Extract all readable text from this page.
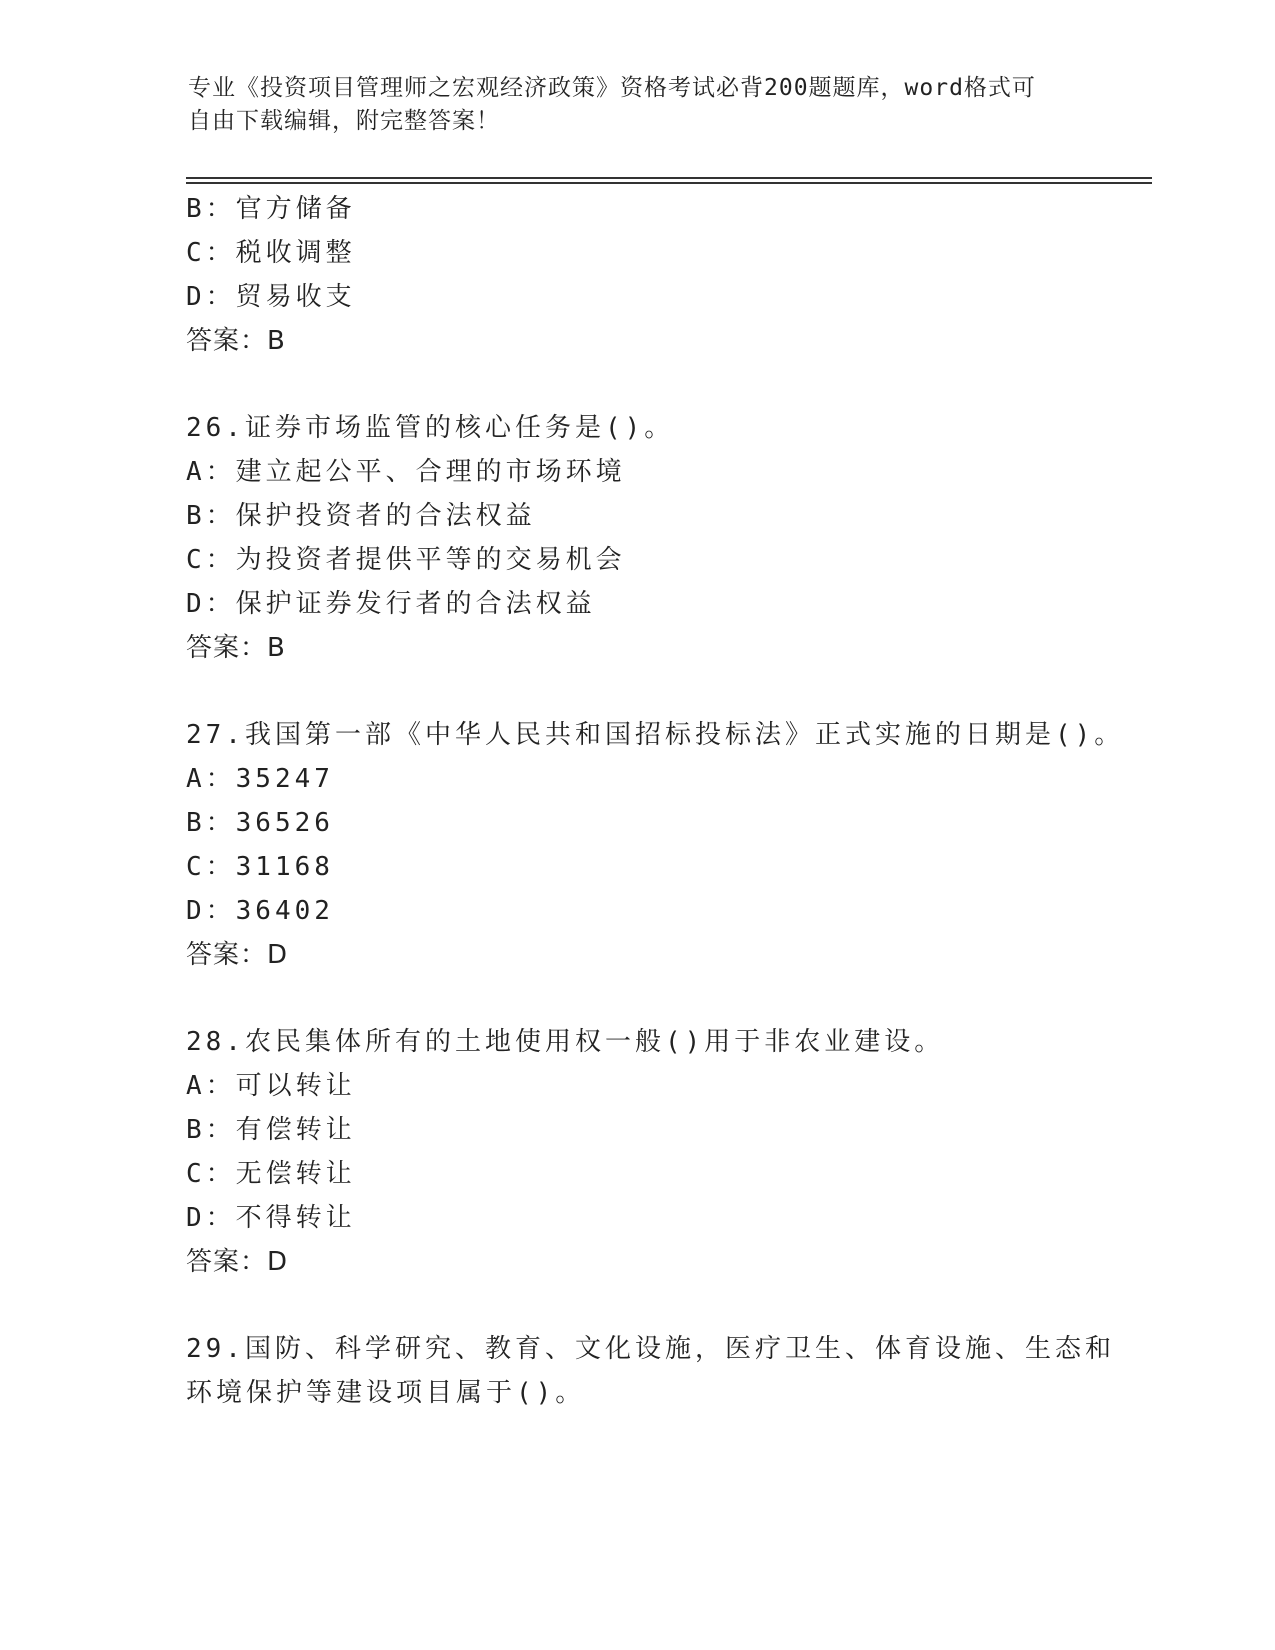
专业《投资项目管理师之宏观经济政策》资格考试必背200题题库，word格式可
自由下载编辑，附完整答案！
B：官方储备
C：税收调整
D：贸易收支
答案：B
26.证券市场监管的核心任务是()。
A：建立起公平、合理的市场环境
B：保护投资者的合法权益
C：为投资者提供平等的交易机会
D：保护证券发行者的合法权益
答案：B
27.我国第一部《中华人民共和国招标投标法》正式实施的日期是()。
A：35247
B：36526
C：31168
D：36402
答案：D
28.农民集体所有的土地使用权一般()用于非农业建设。
A：可以转让
B：有偿转让
C：无偿转让
D：不得转让
答案：D
29.国防、科学研究、教育、文化设施，医疗卫生、体育设施、生态和
环境保护等建设项目属于()。
